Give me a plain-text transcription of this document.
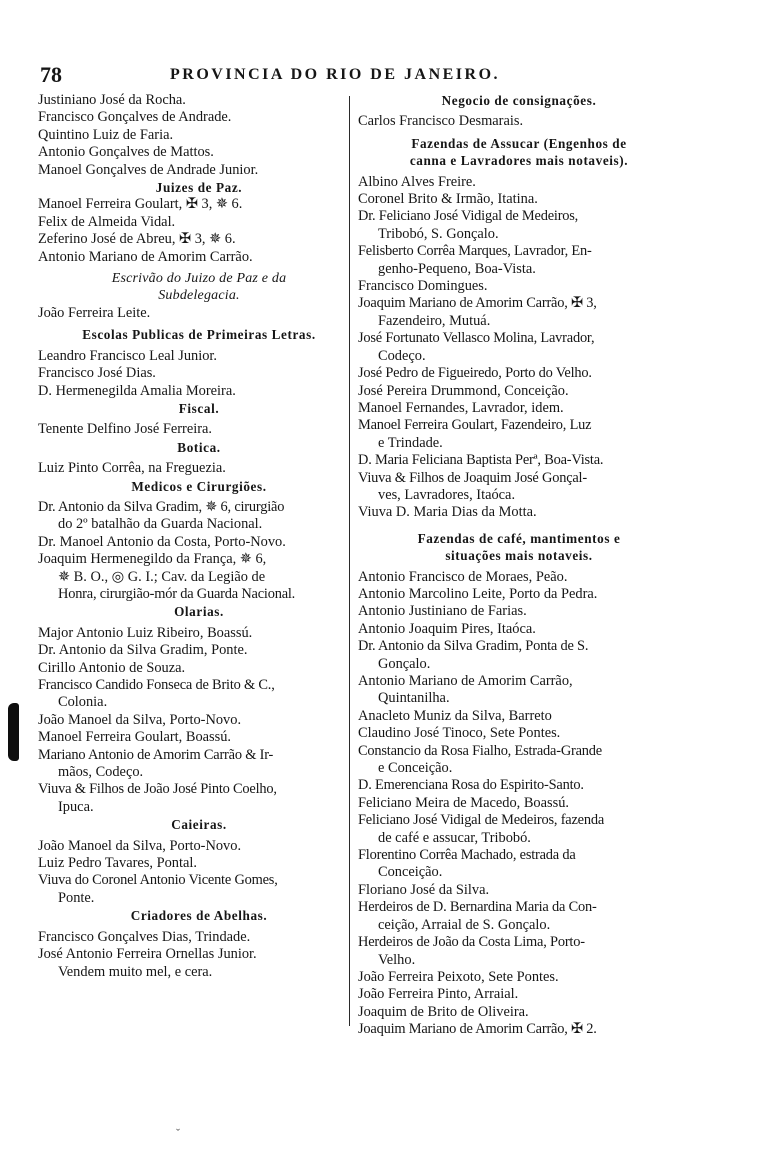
78	PROVINCIA DO RIO DE JANEIRO.
Justiniano José da Rocha.
Francisco Gonçalves de Andrade.
Quintino Luiz de Faria.
Antonio Gonçalves de Mattos.
Manoel Gonçalves de Andrade Junior.
Juizes de Paz.
Manoel Ferreira Goulart, ✠ 3, ✵ 6.
Felix de Almeida Vidal.
Zeferino José de Abreu, ✠ 3, ✵ 6.
Antonio Mariano de Amorim Carrão.
Escrivão do Juizo de Paz e da
Subdelegacia.
João Ferreira Leite.
Escolas Publicas de Primeiras Letras.
Leandro Francisco Leal Junior.
Francisco José Dias.
D. Hermenegilda Amalia Moreira.
Fiscal.
Tenente Delfino José Ferreira.
Botica.
Luiz Pinto Corrêa, na Freguezia.
Medicos e Cirurgiões.
Dr. Antonio da Silva Gradim, ✵ 6, cirurgião
do 2º batalhão da Guarda Nacional.
Dr. Manoel Antonio da Costa, Porto-Novo.
Joaquim Hermenegildo da França, ✵ 6,
✵ B. O., ◎ G. I.; Cav. da Legião de
Honra, cirurgião-mór da Guarda Nacional.
Olarias.
Major Antonio Luiz Ribeiro, Boassú.
Dr. Antonio da Silva Gradim, Ponte.
Cirillo Antonio de Souza.
Francisco Candido Fonseca de Brito & C.,
Colonia.
João Manoel da Silva, Porto-Novo.
Manoel Ferreira Goulart, Boassú.
Mariano Antonio de Amorim Carrão & Ir-
mãos, Codeço.
Viuva & Filhos de João José Pinto Coelho,
Ipuca.
Caieiras.
João Manoel da Silva, Porto-Novo.
Luiz Pedro Tavares, Pontal.
Viuva do Coronel Antonio Vicente Gomes,
Ponte.
Criadores de Abelhas.
Francisco Gonçalves Dias, Trindade.
José Antonio Ferreira Ornellas Junior.
Vendem muito mel, e cera.
Negocio de consignações.
Carlos Francisco Desmarais.
Fazendas de Assucar (Engenhos de
canna e Lavradores mais notaveis).
Albino Alves Freire.
Coronel Brito & Irmão, Itatina.
Dr. Feliciano José Vidigal de Medeiros,
Tribobó, S. Gonçalo.
Felisberto Corrêa Marques, Lavrador, En-
genho-Pequeno, Boa-Vista.
Francisco Domingues.
Joaquim Mariano de Amorim Carrão, ✠ 3,
Fazendeiro, Mutuá.
José Fortunato Vellasco Molina, Lavrador,
Codeço.
José Pedro de Figueiredo, Porto do Velho.
José Pereira Drummond, Conceição.
Manoel Fernandes, Lavrador, idem.
Manoel Ferreira Goulart, Fazendeiro, Luz
e Trindade.
D. Maria Feliciana Baptista Perª, Boa-Vista.
Viuva & Filhos de Joaquim José Gonçal-
ves, Lavradores, Itaóca.
Viuva D. Maria Dias da Motta.
Fazendas de café, mantimentos e
situações mais notaveis.
Antonio Francisco de Moraes, Peão.
Antonio Marcolino Leite, Porto da Pedra.
Antonio Justiniano de Farias.
Antonio Joaquim Pires, Itaóca.
Dr. Antonio da Silva Gradim, Ponta de S.
Gonçalo.
Antonio Mariano de Amorim Carrão,
Quintanilha.
Anacleto Muniz da Silva, Barreto
Claudino José Tinoco, Sete Pontes.
Constancio da Rosa Fialho, Estrada-Grande
e Conceição.
D. Emerenciana Rosa do Espirito-Santo.
Feliciano Meira de Macedo, Boassú.
Feliciano José Vidigal de Medeiros, fazenda
de café e assucar, Tribobó.
Florentino Corrêa Machado, estrada da
Conceição.
Floriano José da Silva.
Herdeiros de D. Bernardina Maria da Con-
ceição, Arraial de S. Gonçalo.
Herdeiros de João da Costa Lima, Porto-
Velho.
João Ferreira Peixoto, Sete Pontes.
João Ferreira Pinto, Arraial.
Joaquim de Brito de Oliveira.
Joaquim Mariano de Amorim Carrão, ✠ 2.
ˇ
